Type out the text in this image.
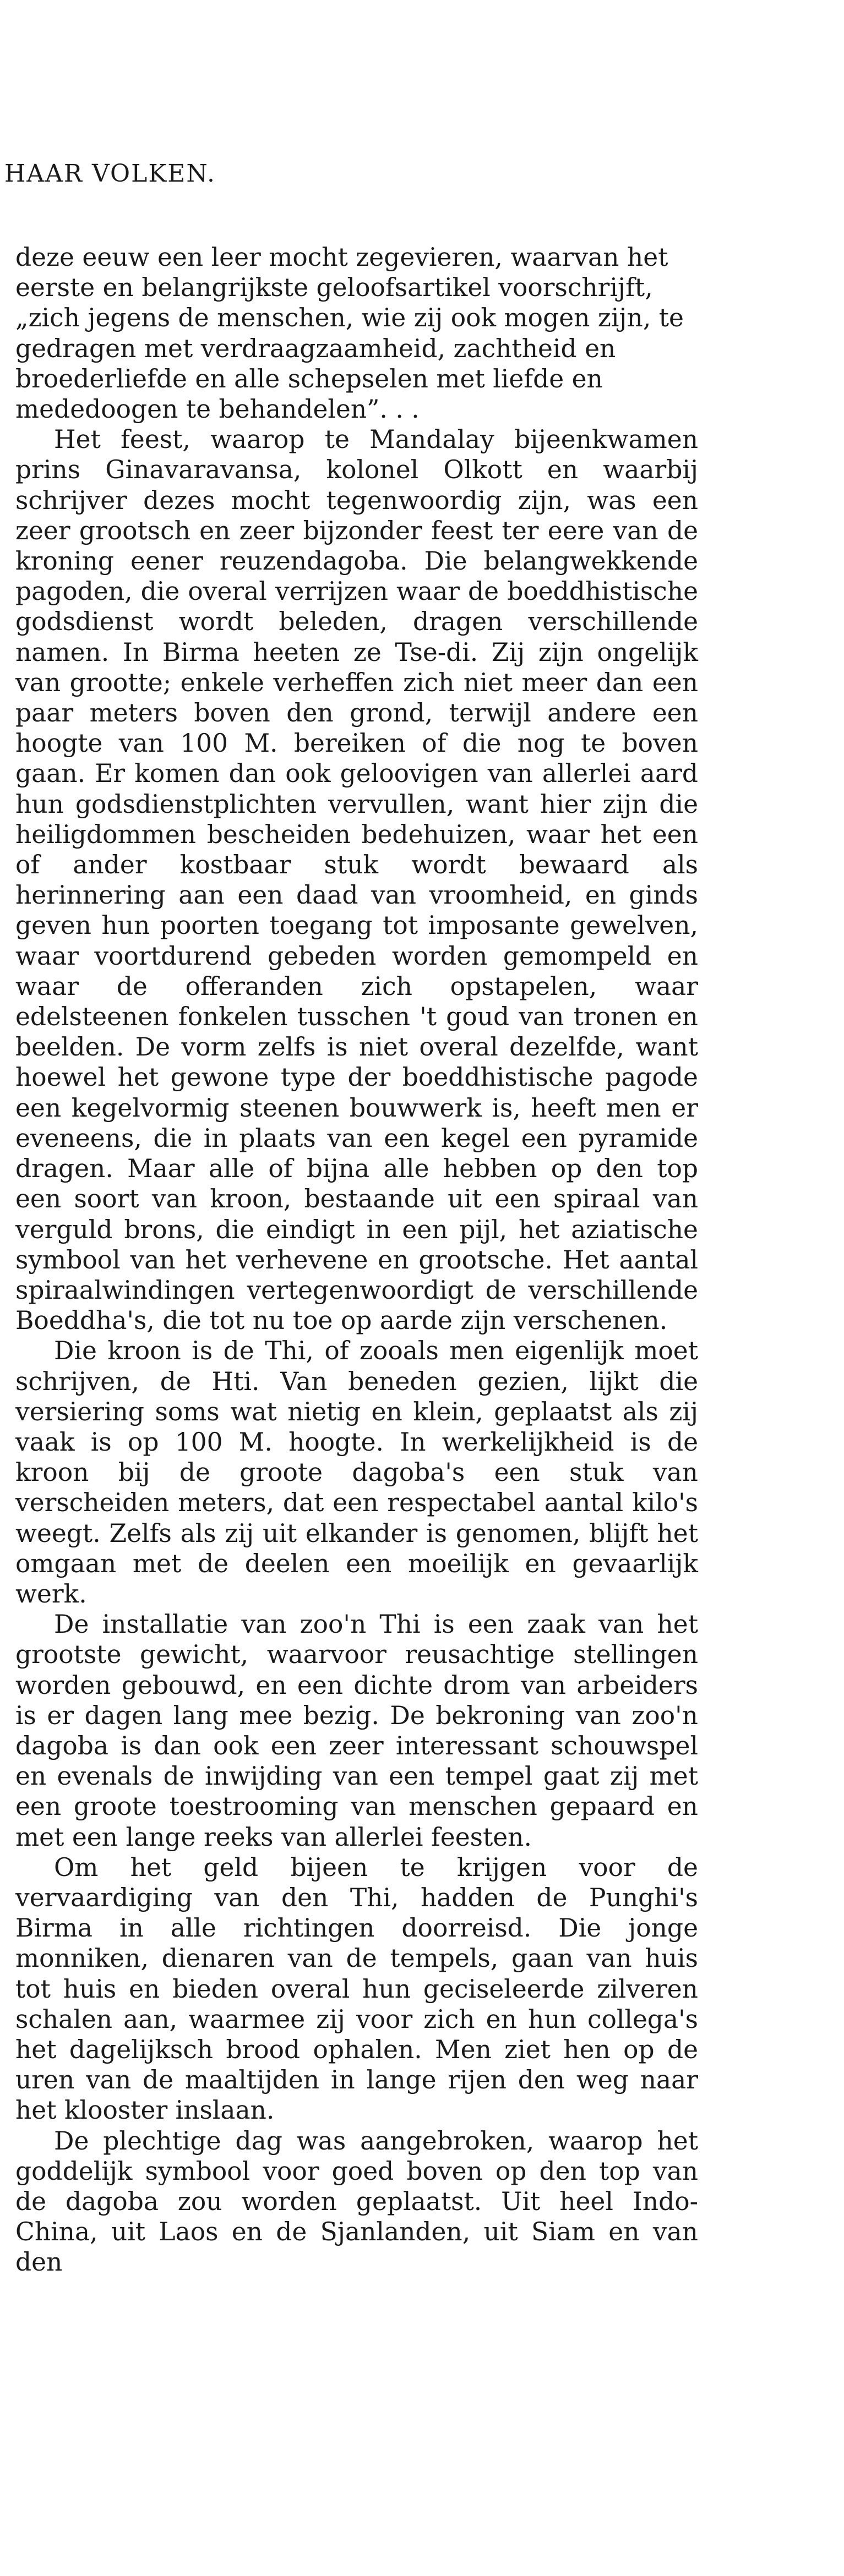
HAAR VOLKEN.

deze eeuw een leer mocht zegevieren, waarvan het eerste en belangrijkste geloofsartikel voorschrijft, „zich jegens de menschen, wie zij ook mogen zijn, te gedragen met verdraagzaamheid, zachtheid en broederliefde en alle schepselen met liefde en mededoogen te behandelen”. . .

Het feest, waarop te Mandalay bijeenkwamen prins Ginavaravansa, kolonel Olkott en waarbij schrijver dezes mocht tegenwoordig zijn, was een zeer grootsch en zeer bijzonder feest ter eere van de kroning eener reuzendagoba. Die belangwekkende pagoden, die overal verrijzen waar de boeddhistische godsdienst wordt beleden, dragen verschillende namen. In Birma heeten ze Tse-di. Zij zijn ongelijk van grootte; enkele verheffen zich niet meer dan een paar meters boven den grond, terwijl andere een hoogte van 100 M. bereiken of die nog te boven gaan. Er komen dan ook geloovigen van allerlei aard hun godsdienstplichten vervullen, want hier zijn die heiligdommen bescheiden bedehuizen, waar het een of ander kostbaar stuk wordt bewaard als herinnering aan een daad van vroomheid, en ginds geven hun poorten toegang tot imposante gewelven, waar voortdurend gebeden worden gemompeld en waar de offeranden zich opstapelen, waar edelsteenen fonkelen tusschen 't goud van tronen en beelden. De vorm zelfs is niet overal dezelfde, want hoewel het gewone type der boeddhistische pagode een kegelvormig steenen bouwwerk is, heeft men er eveneens, die in plaats van een kegel een pyramide dragen. Maar alle of bijna alle hebben op den top een soort van kroon, bestaande uit een spiraal van verguld brons, die eindigt in een pijl, het aziatische symbool van het verhevene en grootsche. Het aantal spiraalwindingen vertegenwoordigt de verschillende Boeddha's, die tot nu toe op aarde zijn verschenen.

Die kroon is de Thi, of zooals men eigenlijk moet schrijven, de Hti. Van beneden gezien, lijkt die versiering soms wat nietig en klein, geplaatst als zij vaak is op 100 M. hoogte. In werkelijkheid is de kroon bij de groote dagoba's een stuk van verscheiden meters, dat een respectabel aantal kilo's weegt. Zelfs als zij uit elkander is genomen, blijft het omgaan met de deelen een moeilijk en gevaarlijk werk.

De installatie van zoo'n Thi is een zaak van het grootste gewicht, waarvoor reusachtige stellingen worden gebouwd, en een dichte drom van arbeiders is er dagen lang mee bezig. De bekroning van zoo'n dagoba is dan ook een zeer interessant schouwspel en evenals de inwijding van een tempel gaat zij met een groote toestrooming van menschen gepaard en met een lange reeks van allerlei feesten.

Om het geld bijeen te krijgen voor de vervaardiging van den Thi, hadden de Punghi's Birma in alle richtingen doorreisd. Die jonge monniken, dienaren van de tempels, gaan van huis tot huis en bieden overal hun geciseleerde zilveren schalen aan, waarmee zij voor zich en hun collega's het dagelijksch brood ophalen. Men ziet hen op de uren van de maaltijden in lange rijen den weg naar het klooster inslaan.

De plechtige dag was aangebroken, waarop het goddelijk symbool voor goed boven op den top van de dagoba zou worden geplaatst. Uit heel Indo-China, uit Laos en de Sjanlanden, uit Siam en van den
